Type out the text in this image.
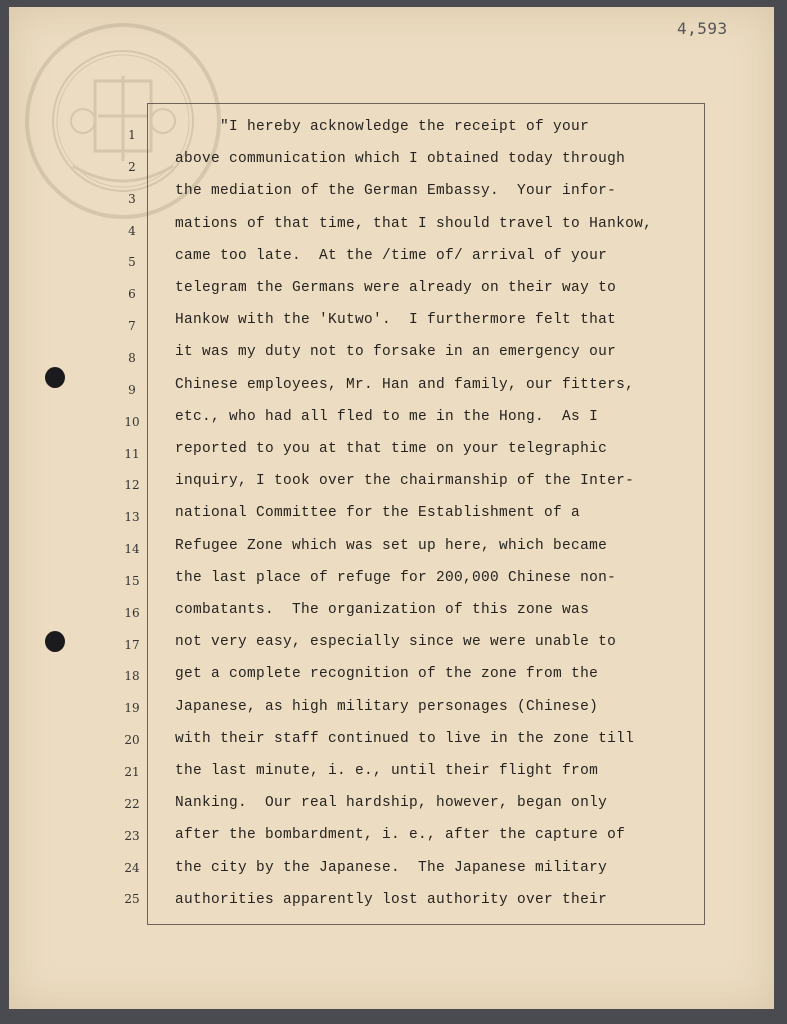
4,593
1
2
3
4
5
6
7
8
9
10
11
12
13
14
15
16
17
18
19
20
21
22
23
24
25
"I hereby acknowledge the receipt of your
above communication which I obtained today through
the mediation of the German Embassy.  Your infor-
mations of that time, that I should travel to Hankow,
came too late.  At the /time of/ arrival of your
telegram the Germans were already on their way to
Hankow with the 'Kutwo'.  I furthermore felt that
it was my duty not to forsake in an emergency our
Chinese employees, Mr. Han and family, our fitters,
etc., who had all fled to me in the Hong.  As I
reported to you at that time on your telegraphic
inquiry, I took over the chairmanship of the Inter-
national Committee for the Establishment of a
Refugee Zone which was set up here, which became
the last place of refuge for 200,000 Chinese non-
combatants.  The organization of this zone was
not very easy, especially since we were unable to
get a complete recognition of the zone from the
Japanese, as high military personages (Chinese)
with their staff continued to live in the zone till
the last minute, i. e., until their flight from
Nanking.  Our real hardship, however, began only
after the bombardment, i. e., after the capture of
the city by the Japanese.  The Japanese military
authorities apparently lost authority over their
